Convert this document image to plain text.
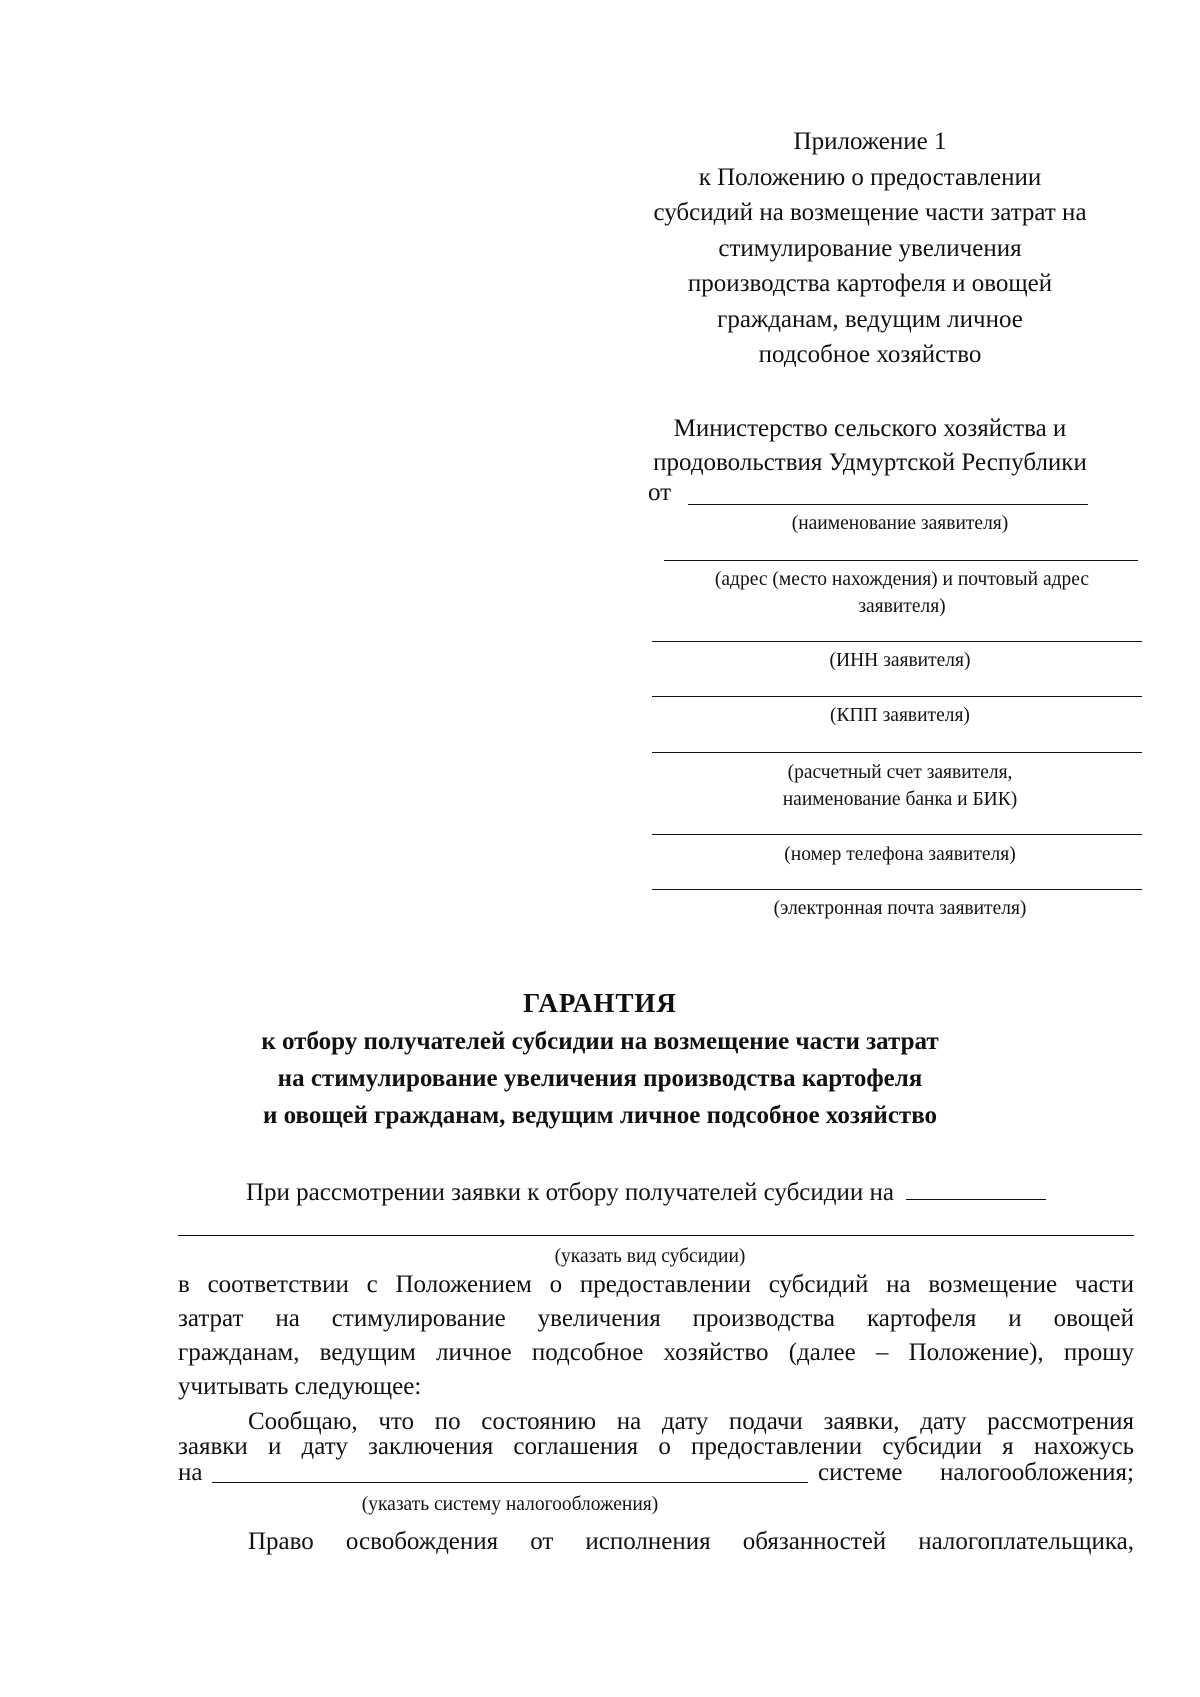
Приложение 1
к Положению о предоставлении
субсидий на возмещение части затрат на
стимулирование увеличения
производства картофеля и овощей
гражданам, ведущим личное
подсобное хозяйство
Министерство сельского хозяйства и
продовольствия Удмуртской Республики
от
(наименование заявителя)
(адрес (место нахождения) и почтовый адрес
заявителя)
(ИНН заявителя)
(КПП заявителя)
(расчетный счет заявителя,
наименование банка и БИК)
(номер телефона заявителя)
(электронная почта заявителя)
ГАРАНТИЯ
к отбору получателей субсидии на возмещение части затрат
на стимулирование увеличения производства картофеля
и овощей гражданам, ведущим личное подсобное хозяйство
При рассмотрении заявки к отбору получателей субсидии на
(указать вид субсидии)
в соответствии с Положением о предоставлении субсидий на возмещение части
затрат на стимулирование увеличения производства картофеля и овощей
гражданам, ведущим личное подсобное хозяйство (далее – Положение), прошу
учитывать следующее:
Сообщаю, что по состоянию на дату подачи заявки, дату рассмотрения
заявки и дату заключения соглашения о предоставлении субсидии я нахожусь
на	системе налогообложения;
(указать систему налогообложения)
Право освобождения от исполнения обязанностей налогоплательщика,
